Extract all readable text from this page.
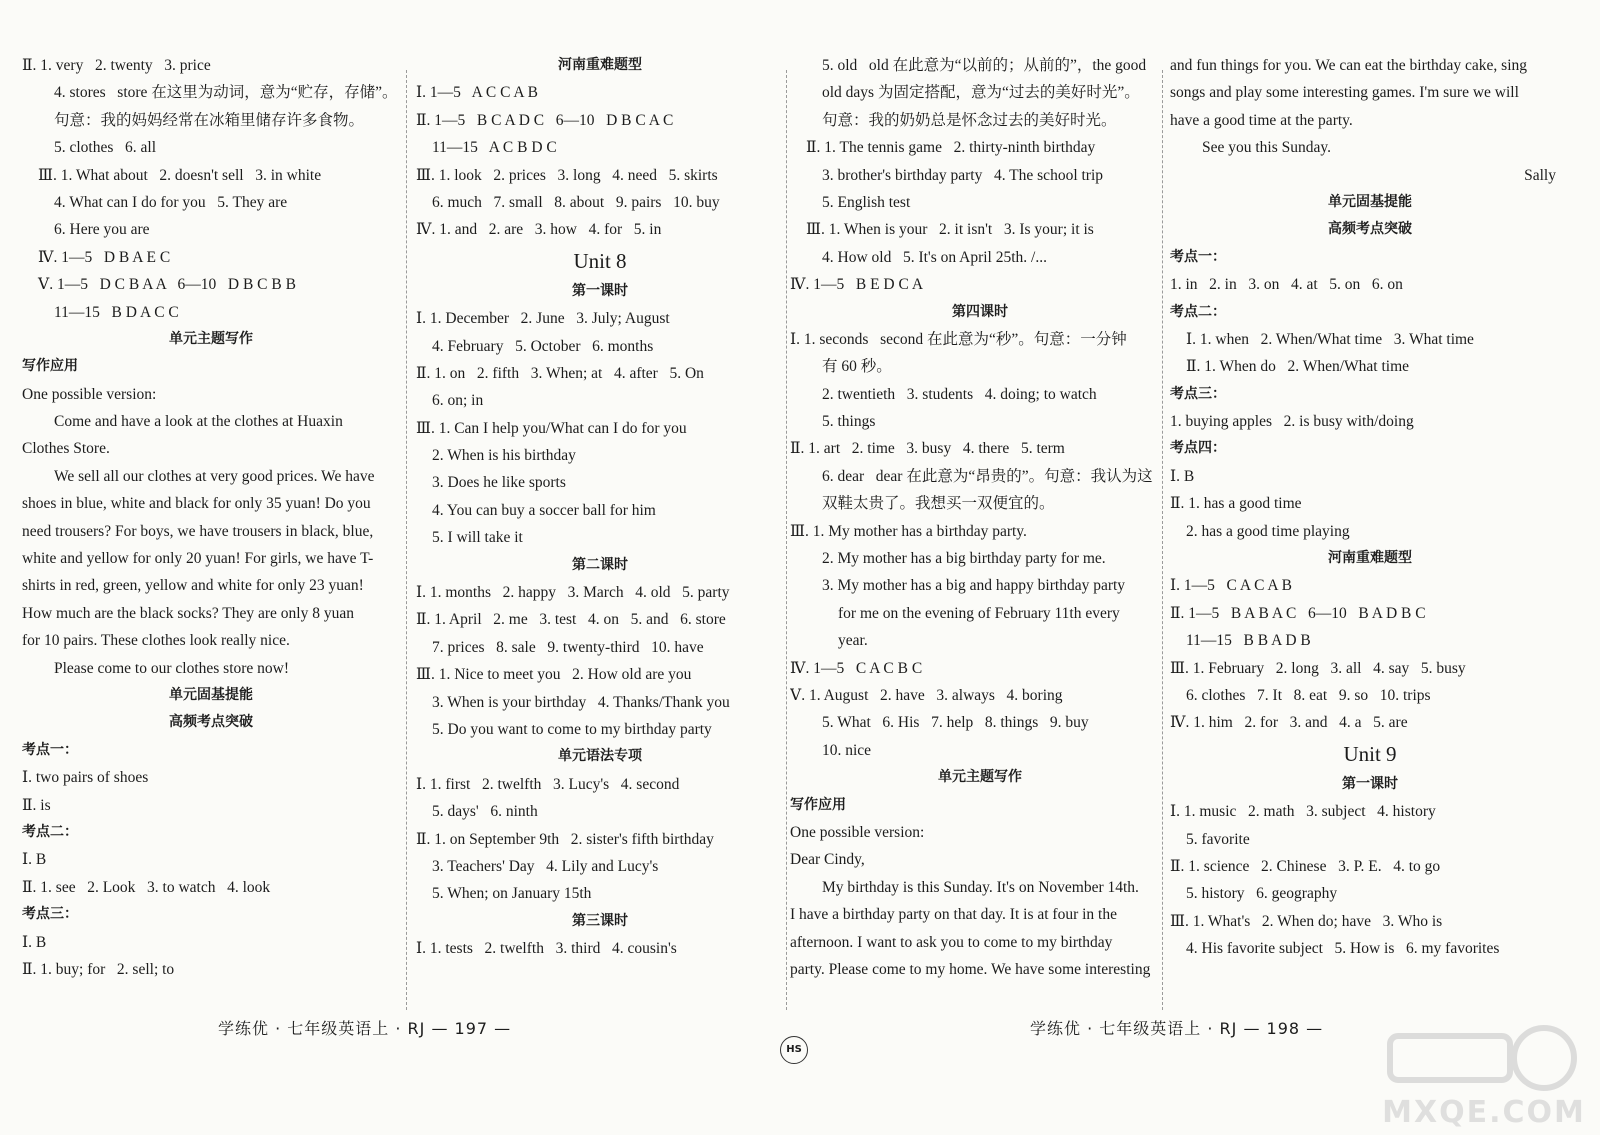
Ⅱ. 1. very   2. twenty   3. price
4. stores   store 在这里为动词，意为“贮存，存储”。
句意：我的妈妈经常在冰箱里储存许多食物。
5. clothes   6. all
Ⅲ. 1. What about   2. doesn't sell   3. in white
4. What can I do for you   5. They are
6. Here you are
Ⅳ. 1—5   D B A E C
Ⅴ. 1—5   D C B A A   6—10   D B C B B
11—15   B D A C C
单元主题写作
写作应用
One possible version:
Come and have a look at the clothes at Huaxin
Clothes Store.
We sell all our clothes at very good prices. We have
shoes in blue, white and black for only 35 yuan! Do you
need trousers? For boys, we have trousers in black, blue,
white and yellow for only 20 yuan! For girls, we have T-
shirts in red, green, yellow and white for only 23 yuan!
How much are the black socks? They are only 8 yuan
for 10 pairs. These clothes look really nice.
Please come to our clothes store now!
单元固基提能
高频考点突破
考点一：
Ⅰ. two pairs of shoes
Ⅱ. is
考点二：
Ⅰ. B
Ⅱ. 1. see   2. Look   3. to watch   4. look
考点三：
Ⅰ. B
Ⅱ. 1. buy; for   2. sell; to
河南重难题型
Ⅰ. 1—5   A C C A B
Ⅱ. 1—5   B C A D C   6—10   D B C A C
11—15   A C B D C
Ⅲ. 1. look   2. prices   3. long   4. need   5. skirts
6. much   7. small   8. about   9. pairs   10. buy
Ⅳ. 1. and   2. are   3. how   4. for   5. in
Unit 8
第一课时
Ⅰ. 1. December   2. June   3. July; August
4. February   5. October   6. months
Ⅱ. 1. on   2. fifth   3. When; at   4. after   5. On
6. on; in
Ⅲ. 1. Can I help you/What can I do for you
2. When is his birthday
3. Does he like sports
4. You can buy a soccer ball for him
5. I will take it
第二课时
Ⅰ. 1. months   2. happy   3. March   4. old   5. party
Ⅱ. 1. April   2. me   3. test   4. on   5. and   6. store
7. prices   8. sale   9. twenty-third   10. have
Ⅲ. 1. Nice to meet you   2. How old are you
3. When is your birthday   4. Thanks/Thank you
5. Do you want to come to my birthday party
单元语法专项
Ⅰ. 1. first   2. twelfth   3. Lucy's   4. second
5. days'   6. ninth
Ⅱ. 1. on September 9th   2. sister's fifth birthday
3. Teachers' Day   4. Lily and Lucy's
5. When; on January 15th
第三课时
Ⅰ. 1. tests   2. twelfth   3. third   4. cousin's
5. old   old 在此意为“以前的；从前的”，the good
old days 为固定搭配，意为“过去的美好时光”。
句意：我的奶奶总是怀念过去的美好时光。
Ⅱ. 1. The tennis game   2. thirty-ninth birthday
3. brother's birthday party   4. The school trip
5. English test
Ⅲ. 1. When is your   2. it isn't   3. Is your; it is
4. How old   5. It's on April 25th. /...
Ⅳ. 1—5   B E D C A
第四课时
Ⅰ. 1. seconds   second 在此意为“秒”。句意：一分钟
有 60 秒。
2. twentieth   3. students   4. doing; to watch
5. things
Ⅱ. 1. art   2. time   3. busy   4. there   5. term
6. dear   dear 在此意为“昂贵的”。句意：我认为这
双鞋太贵了。我想买一双便宜的。
Ⅲ. 1. My mother has a birthday party.
2. My mother has a big birthday party for me.
3. My mother has a big and happy birthday party
for me on the evening of February 11th every
year.
Ⅳ. 1—5   C A C B C
Ⅴ. 1. August   2. have   3. always   4. boring
5. What   6. His   7. help   8. things   9. buy
10. nice
单元主题写作
写作应用
One possible version:
Dear Cindy,
My birthday is this Sunday. It's on November 14th.
I have a birthday party on that day. It is at four in the
afternoon. I want to ask you to come to my birthday
party. Please come to my home. We have some interesting
and fun things for you. We can eat the birthday cake, sing
songs and play some interesting games. I'm sure we will
have a good time at the party.
See you this Sunday.
Sally
单元固基提能
高频考点突破
考点一：
1. in   2. in   3. on   4. at   5. on   6. on
考点二：
Ⅰ. 1. when   2. When/What time   3. What time
Ⅱ. 1. When do   2. When/What time
考点三：
1. buying apples   2. is busy with/doing
考点四：
Ⅰ. B
Ⅱ. 1. has a good time
2. has a good time playing
河南重难题型
Ⅰ. 1—5   C A C A B
Ⅱ. 1—5   B A B A C   6—10   B A D B C
11—15   B B A D B
Ⅲ. 1. February   2. long   3. all   4. say   5. busy
6. clothes   7. It   8. eat   9. so   10. trips
Ⅳ. 1. him   2. for   3. and   4. a   5. are
Unit 9
第一课时
Ⅰ. 1. music   2. math   3. subject   4. history
5. favorite
Ⅱ. 1. science   2. Chinese   3. P. E.   4. to go
5. history   6. geography
Ⅲ. 1. What's   2. When do; have   3. Who is
4. His favorite subject   5. How is   6. my favorites
学练优 · 七年级英语上 · RJ — 197 —
HS
学练优 · 七年级英语上 · RJ — 198 —
MXQE.COM
